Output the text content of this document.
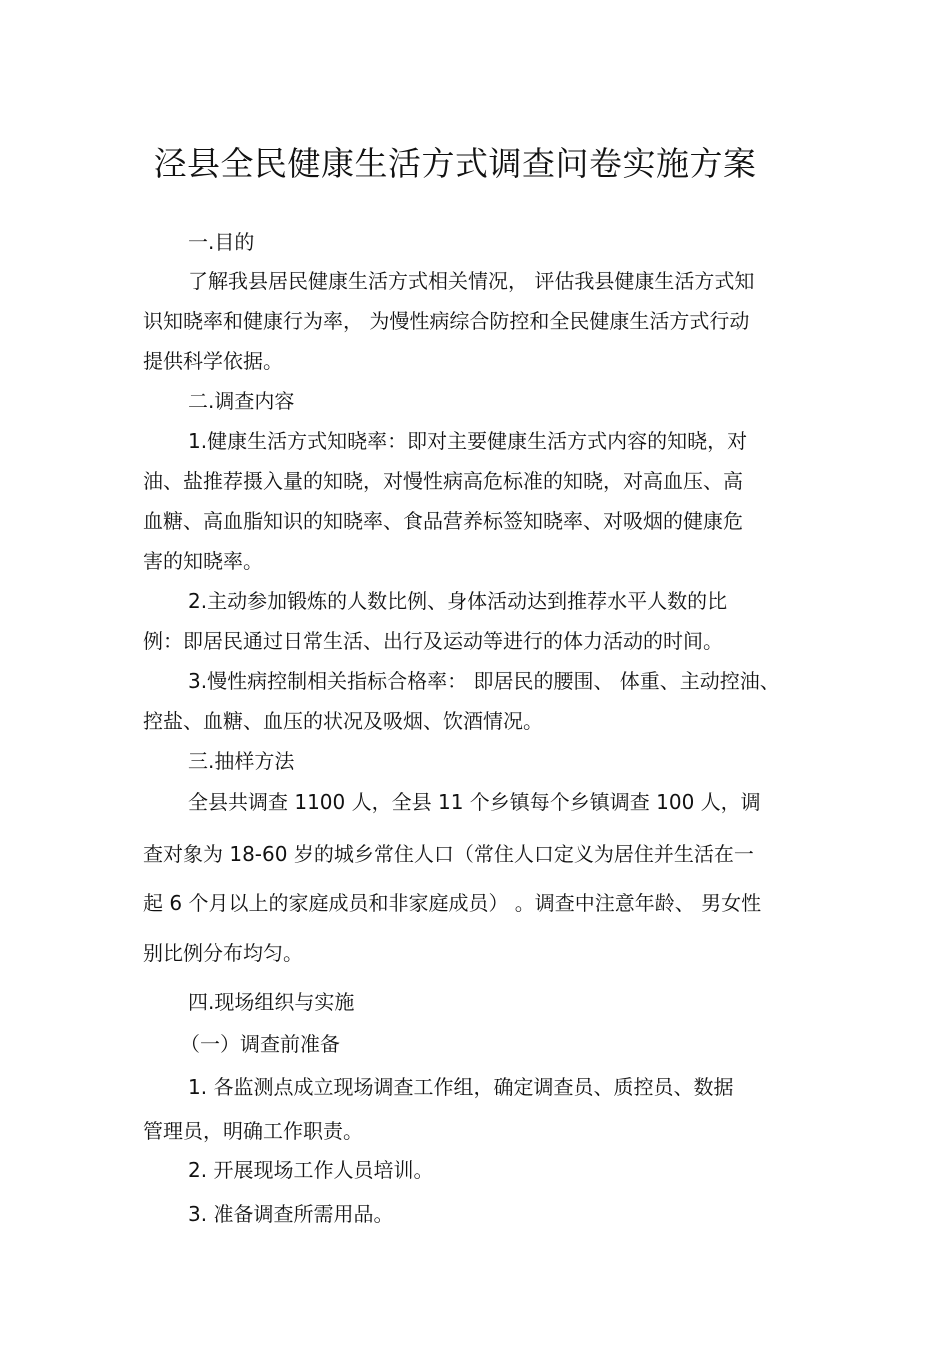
泾县全民健康生活方式调查问卷实施方案
一.目的
了解我县居民健康生活方式相关情况， 评估我县健康生活方式知
识知晓率和健康行为率， 为慢性病综合防控和全民健康生活方式行动
提供科学依据。
二.调查内容
1.健康生活方式知晓率：即对主要健康生活方式内容的知晓，对
油、盐推荐摄入量的知晓，对慢性病高危标准的知晓，对高血压、高
血糖、高血脂知识的知晓率、食品营养标签知晓率、对吸烟的健康危
害的知晓率。
2.主动参加锻炼的人数比例、身体活动达到推荐水平人数的比
例：即居民通过日常生活、出行及运动等进行的体力活动的时间。
3.慢性病控制相关指标合格率： 即居民的腰围、 体重、主动控油、
控盐、血糖、血压的状况及吸烟、饮酒情况。
三.抽样方法
全县共调查 1100 人，全县 11 个乡镇每个乡镇调查 100 人，调
查对象为 18-60 岁的城乡常住人口（常住人口定义为居住并生活在一
起 6 个月以上的家庭成员和非家庭成员） 。调查中注意年龄、 男女性
别比例分布均匀。
四.现场组织与实施
（一）调查前准备
1. 各监测点成立现场调查工作组，确定调查员、质控员、数据
管理员，明确工作职责。
2. 开展现场工作人员培训。
3. 准备调查所需用品。
